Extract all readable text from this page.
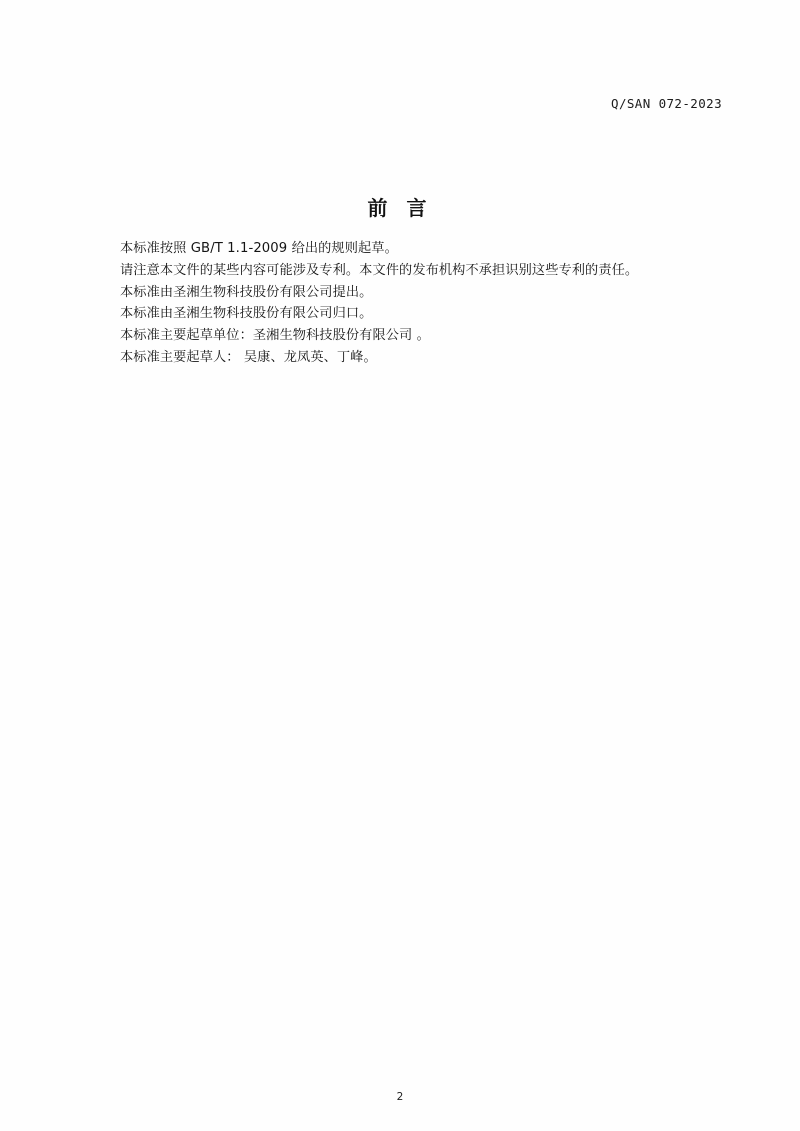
Q/SAN 072-2023
前 言
本标准按照 GB/T 1.1-2009 给出的规则起草。
请注意本文件的某些内容可能涉及专利。本文件的发布机构不承担识别这些专利的责任。
本标准由圣湘生物科技股份有限公司提出。
本标准由圣湘生物科技股份有限公司归口。
本标准主要起草单位：圣湘生物科技股份有限公司 。
本标准主要起草人： 吴康、龙凤英、丁峰。
2
